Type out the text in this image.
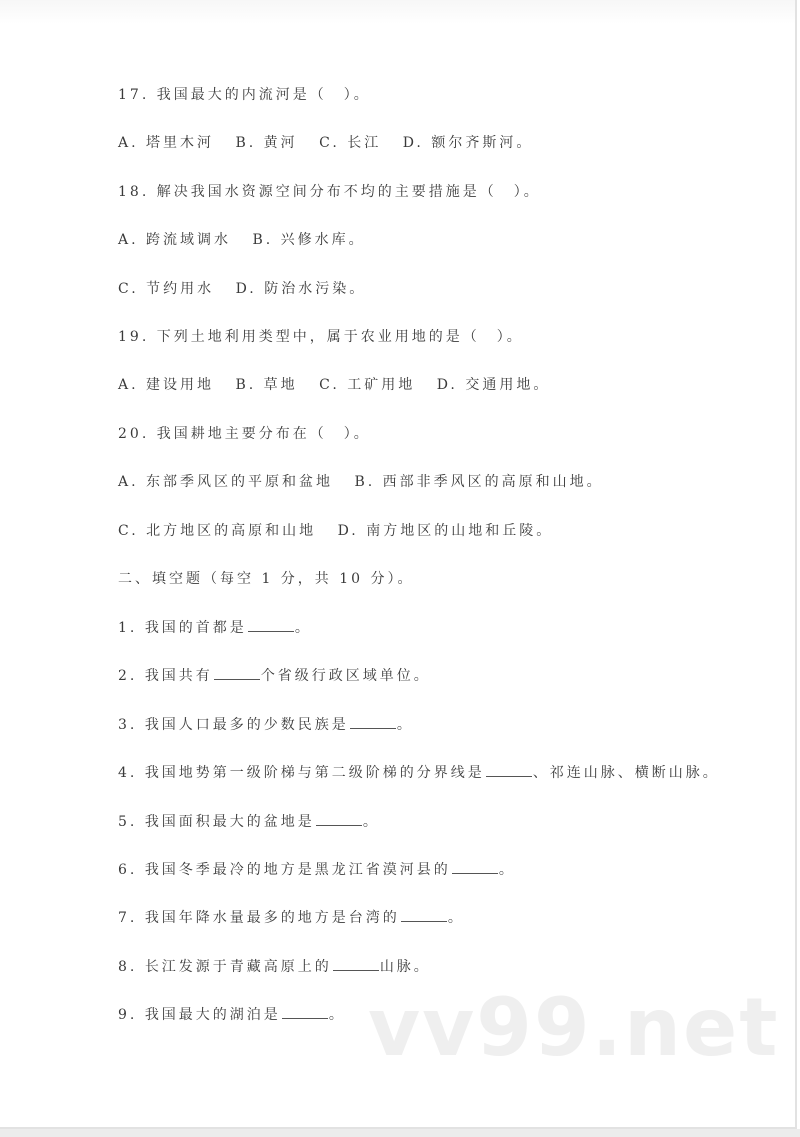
17. 我国最大的内流河是（　）。
A. 塔里木河 B. 黄河 C. 长江 D. 额尔齐斯河。
18. 解决我国水资源空间分布不均的主要措施是（　）。
A. 跨流域调水 B. 兴修水库。
C. 节约用水 D. 防治水污染。
19. 下列土地利用类型中，属于农业用地的是（　）。
A. 建设用地 B. 草地 C. 工矿用地 D. 交通用地。
20. 我国耕地主要分布在（　）。
A. 东部季风区的平原和盆地 B. 西部非季风区的高原和山地。
C. 北方地区的高原和山地 D. 南方地区的山地和丘陵。
二、填空题（每空 1 分，共 10 分）。
1. 我国的首都是	。
2. 我国共有	个省级行政区域单位。
3. 我国人口最多的少数民族是	。
4. 我国地势第一级阶梯与第二级阶梯的分界线是	、祁连山脉、横断山脉。
5. 我国面积最大的盆地是	。
6. 我国冬季最冷的地方是黑龙江省漠河县的	。
7. 我国年降水量最多的地方是台湾的	。
8. 长江发源于青藏高原上的	山脉。
9. 我国最大的湖泊是	。 vv99.net
